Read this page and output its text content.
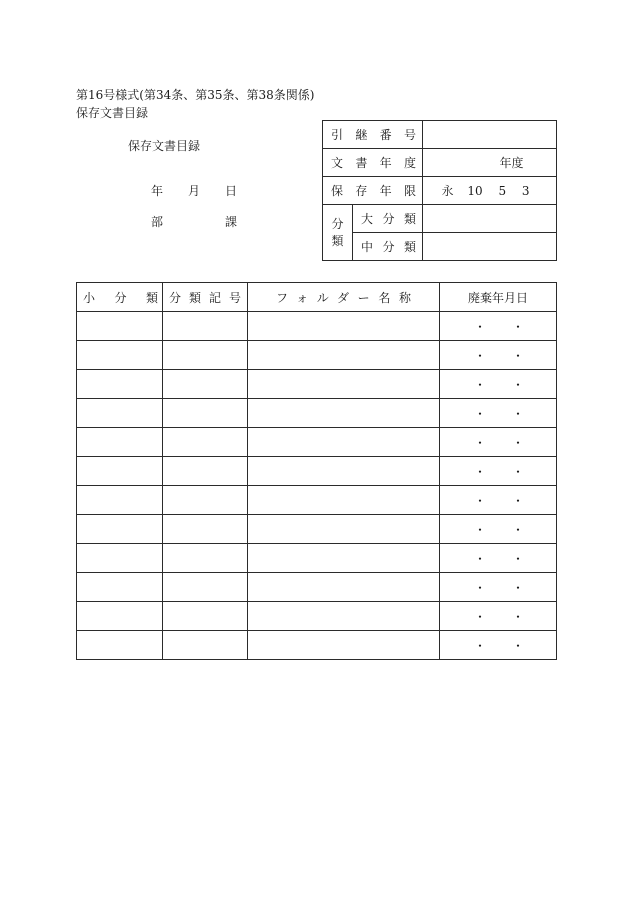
第16号様式(第34条、第35条、第38条関係)
保存文書目録
保存文書目録
年 月 日
部	課
引継番号		
文書年度		年度
保存年限		永 10 5 3

分
類	大分類	
	中分類	
小分類	分類記号	フォルダー名称	廃棄年月日

			・ ・

			・ ・

			・ ・

			・ ・

			・ ・

			・ ・

			・ ・

			・ ・

			・ ・

			・ ・

			・ ・

			・ ・
